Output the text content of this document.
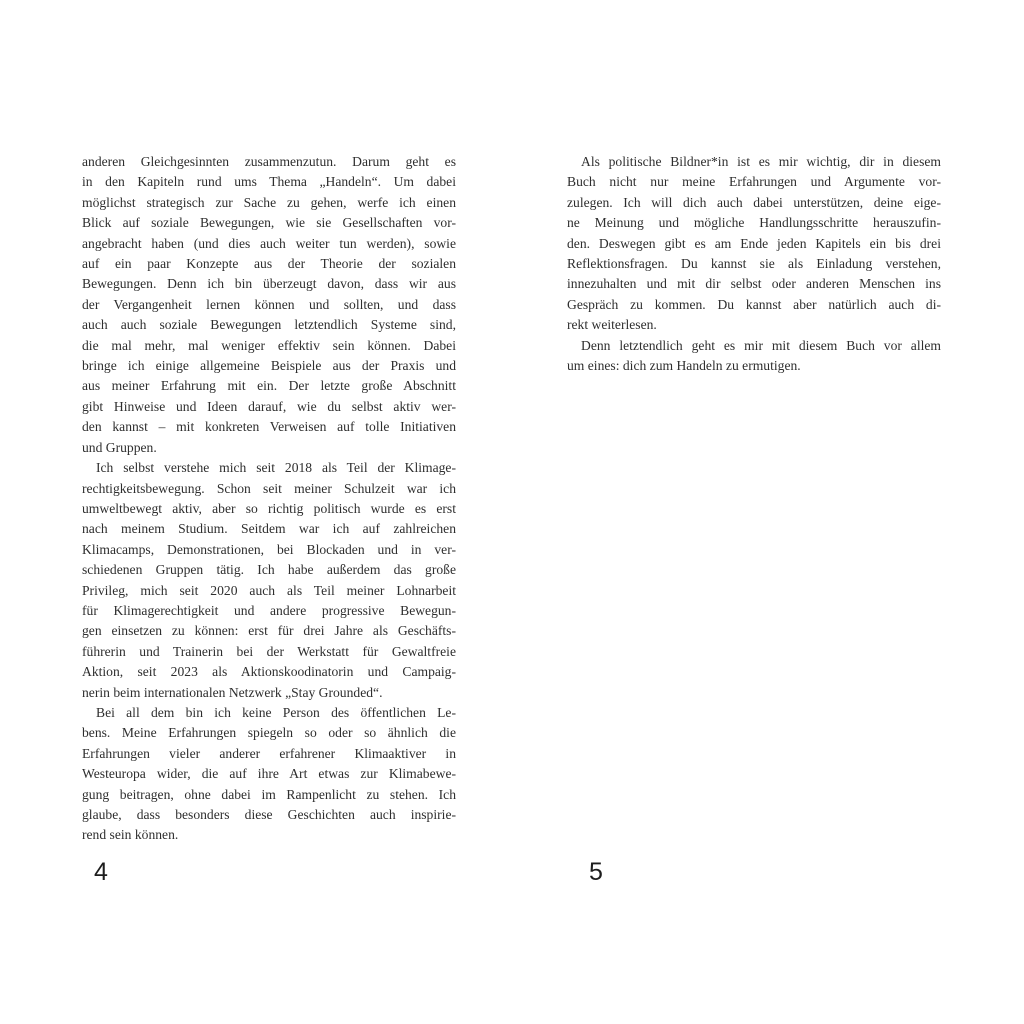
anderen Gleichgesinnten zusammenzutun. Darum geht es
in den Kapiteln rund ums Thema „Handeln“. Um dabei
möglichst strategisch zur Sache zu gehen, werfe ich einen
Blick auf soziale Bewegungen, wie sie Gesellschaften vor-
angebracht haben (und dies auch weiter tun werden), sowie
auf ein paar Konzepte aus der Theorie der sozialen
Bewegungen. Denn ich bin überzeugt davon, dass wir aus
der Vergangenheit lernen können und sollten, und dass
auch auch soziale Bewegungen letztendlich Systeme sind,
die mal mehr, mal weniger effektiv sein können. Dabei
bringe ich einige allgemeine Beispiele aus der Praxis und
aus meiner Erfahrung mit ein. Der letzte große Abschnitt
gibt Hinweise und Ideen darauf, wie du selbst aktiv wer-
den kannst – mit konkreten Verweisen auf tolle Initiativen
und Gruppen.
Ich selbst verstehe mich seit 2018 als Teil der Klimage-
rechtigkeitsbewegung. Schon seit meiner Schulzeit war ich
umweltbewegt aktiv, aber so richtig politisch wurde es erst
nach meinem Studium. Seitdem war ich auf zahlreichen
Klimacamps, Demonstrationen, bei Blockaden und in ver-
schiedenen Gruppen tätig. Ich habe außerdem das große
Privileg, mich seit 2020 auch als Teil meiner Lohnarbeit
für Klimagerechtigkeit und andere progressive Bewegun-
gen einsetzen zu können: erst für drei Jahre als Geschäfts-
führerin und Trainerin bei der Werkstatt für Gewaltfreie
Aktion, seit 2023 als Aktionskoodinatorin und Campaig-
nerin beim internationalen Netzwerk „Stay Grounded“.
Bei all dem bin ich keine Person des öffentlichen Le-
bens. Meine Erfahrungen spiegeln so oder so ähnlich die
Erfahrungen vieler anderer erfahrener Klimaaktiver in
Westeuropa wider, die auf ihre Art etwas zur Klimabewe-
gung beitragen, ohne dabei im Rampenlicht zu stehen. Ich
glaube, dass besonders diese Geschichten auch inspirie-
rend sein können.
Als politische Bildner*in ist es mir wichtig, dir in diesem
Buch nicht nur meine Erfahrungen und Argumente vor-
zulegen. Ich will dich auch dabei unterstützen, deine eige-
ne Meinung und mögliche Handlungsschritte herauszufin-
den. Deswegen gibt es am Ende jeden Kapitels ein bis drei
Reflektionsfragen. Du kannst sie als Einladung verstehen,
innezuhalten und mit dir selbst oder anderen Menschen ins
Gespräch zu kommen. Du kannst aber natürlich auch di-
rekt weiterlesen.
Denn letztendlich geht es mir mit diesem Buch vor allem
um eines: dich zum Handeln zu ermutigen.
4	5
